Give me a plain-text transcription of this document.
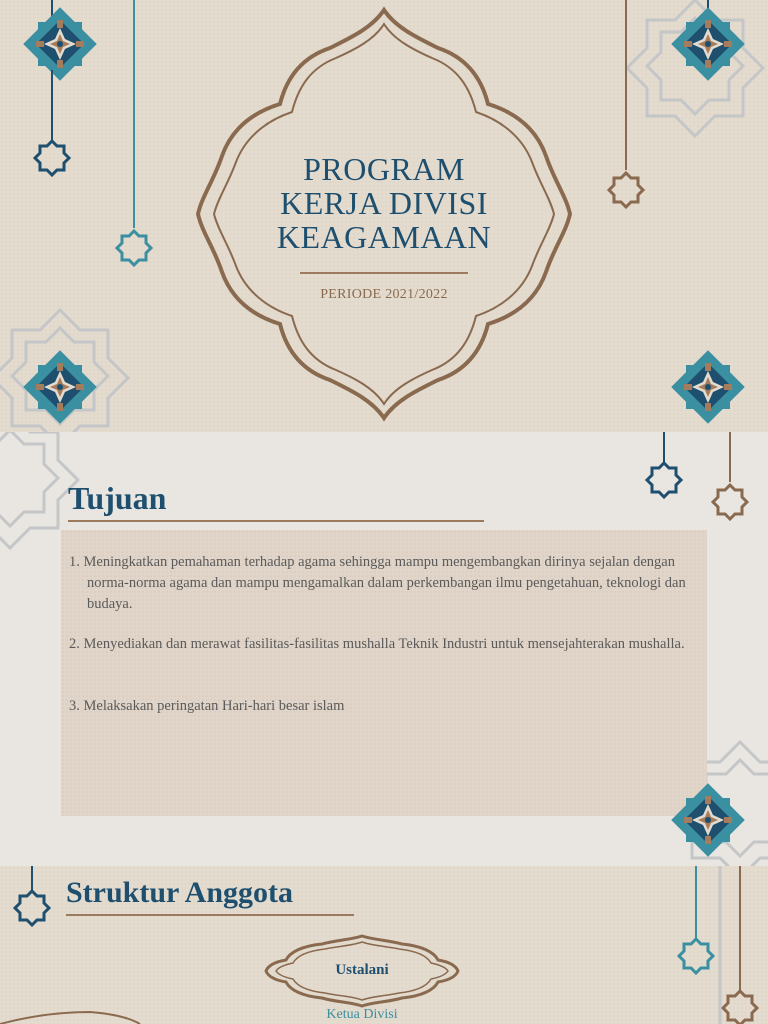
PROGRAM
KERJA DIVISI
KEAGAMAAN
PERIODE 2021/2022
Tujuan

1. Meningkatkan pemahaman terhadap agama sehingga mampu mengembangkan dirinya sejalan dengan norma-norma agama dan mampu mengamalkan dalam perkembangan ilmu pengetahuan, teknologi dan budaya.

2. Menyediakan dan merawat fasilitas-fasilitas mushalla Teknik Industri untuk mensejahterakan mushalla.

3. Melaksakan peringatan Hari-hari besar islam

Struktur Anggota
Ustalani
Ketua Divisi
